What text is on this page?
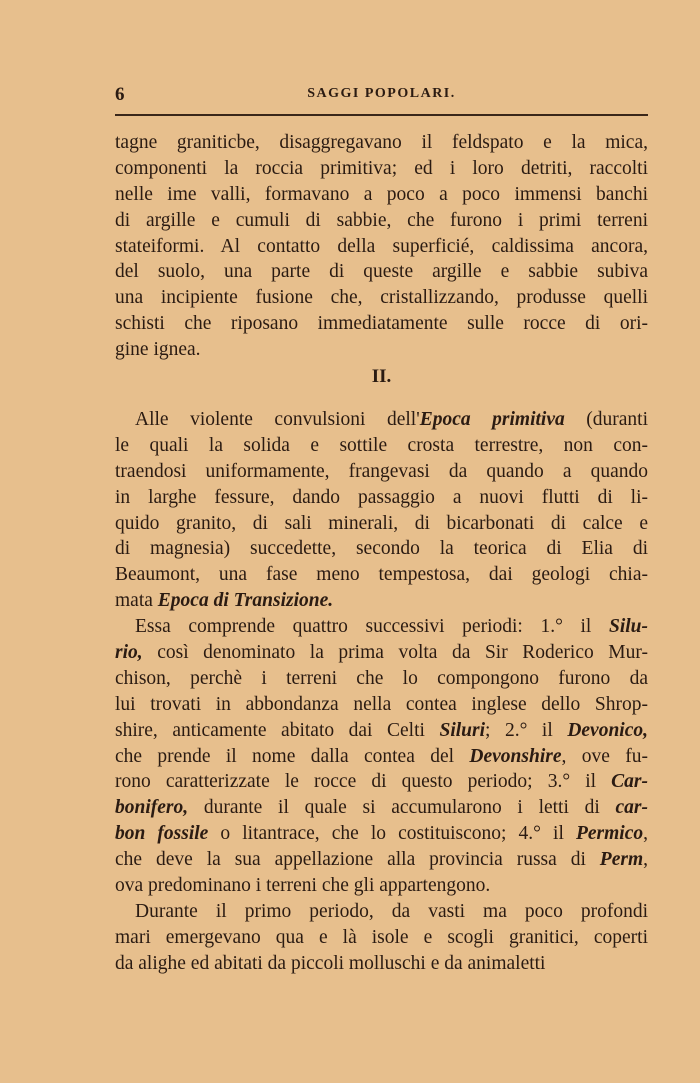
6	SAGGI POPOLARI.
tagne graniticbe, disaggregavano il feldspato e la mica,
componenti la roccia primitiva; ed i loro detriti, raccolti
nelle ime valli, formavano a poco a poco immensi banchi
di argille e cumuli di sabbie, che furono i primi terreni
stateiformi. Al contatto della superficié, caldissima ancora,
del suolo, una parte di queste argille e sabbie subiva
una incipiente fusione che, cristallizzando, produsse quelli
schisti che riposano immediatamente sulle rocce di ori-
gine ignea.
II.
Alle violente convulsioni dell'Epoca primitiva (duranti
le quali la solida e sottile crosta terrestre, non con-
traendosi uniformamente, frangevasi da quando a quando
in larghe fessure, dando passaggio a nuovi flutti di li-
quido granito, di sali minerali, di bicarbonati di calce e
di magnesia) succedette, secondo la teorica di Elia di
Beaumont, una fase meno tempestosa, dai geologi chia-
mata Epoca di Transizione.
Essa comprende quattro successivi periodi: 1.° il Silu-
rio, così denominato la prima volta da Sir Roderico Mur-
chison, perchè i terreni che lo compongono furono da
lui trovati in abbondanza nella contea inglese dello Shrop-
shire, anticamente abitato dai Celti Siluri; 2.° il Devonico,
che prende il nome dalla contea del Devonshire, ove fu-
rono caratterizzate le rocce di questo periodo; 3.° il Car-
bonifero, durante il quale si accumularono i letti di car-
bon fossile o litantrace, che lo costituiscono; 4.° il Permico,
che deve la sua appellazione alla provincia russa di Perm,
ova predominano i terreni che gli appartengono.
Durante il primo periodo, da vasti ma poco profondi
mari emergevano qua e là isole e scogli granitici, coperti
da alighe ed abitati da piccoli molluschi e da animaletti
